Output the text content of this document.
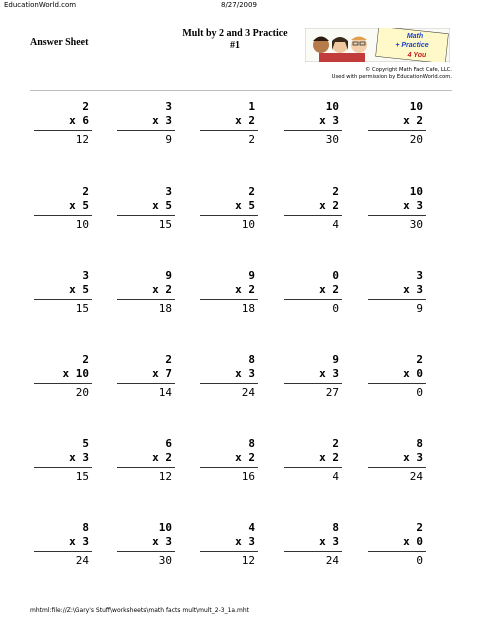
EducationWorld.com	8/27/2009
Answer Sheet
Mult by 2 and 3 Practice
#1
Math
+ Practice
4 You
© Copyright Math Fact Cafe, LLC.
Used with permission by EducationWorld.com.
2
x 6
12
3
x 3
9
1
x 2
2
10
x 3
30
10
x 2
20
2
x 5
10
3
x 5
15
2
x 5
10
2
x 2
4
10
x 3
30
3
x 5
15
9
x 2
18
9
x 2
18
0
x 2
0
3
x 3
9
2
x 10
20
2
x 7
14
8
x 3
24
9
x 3
27
2
x 0
0
5
x 3
15
6
x 2
12
8
x 2
16
2
x 2
4
8
x 3
24
8
x 3
24
10
x 3
30
4
x 3
12
8
x 3
24
2
x 0
0
mhtml:file://Z:\Gary's Stuff\worksheets\math facts mult\mult_2-3_1a.mht
